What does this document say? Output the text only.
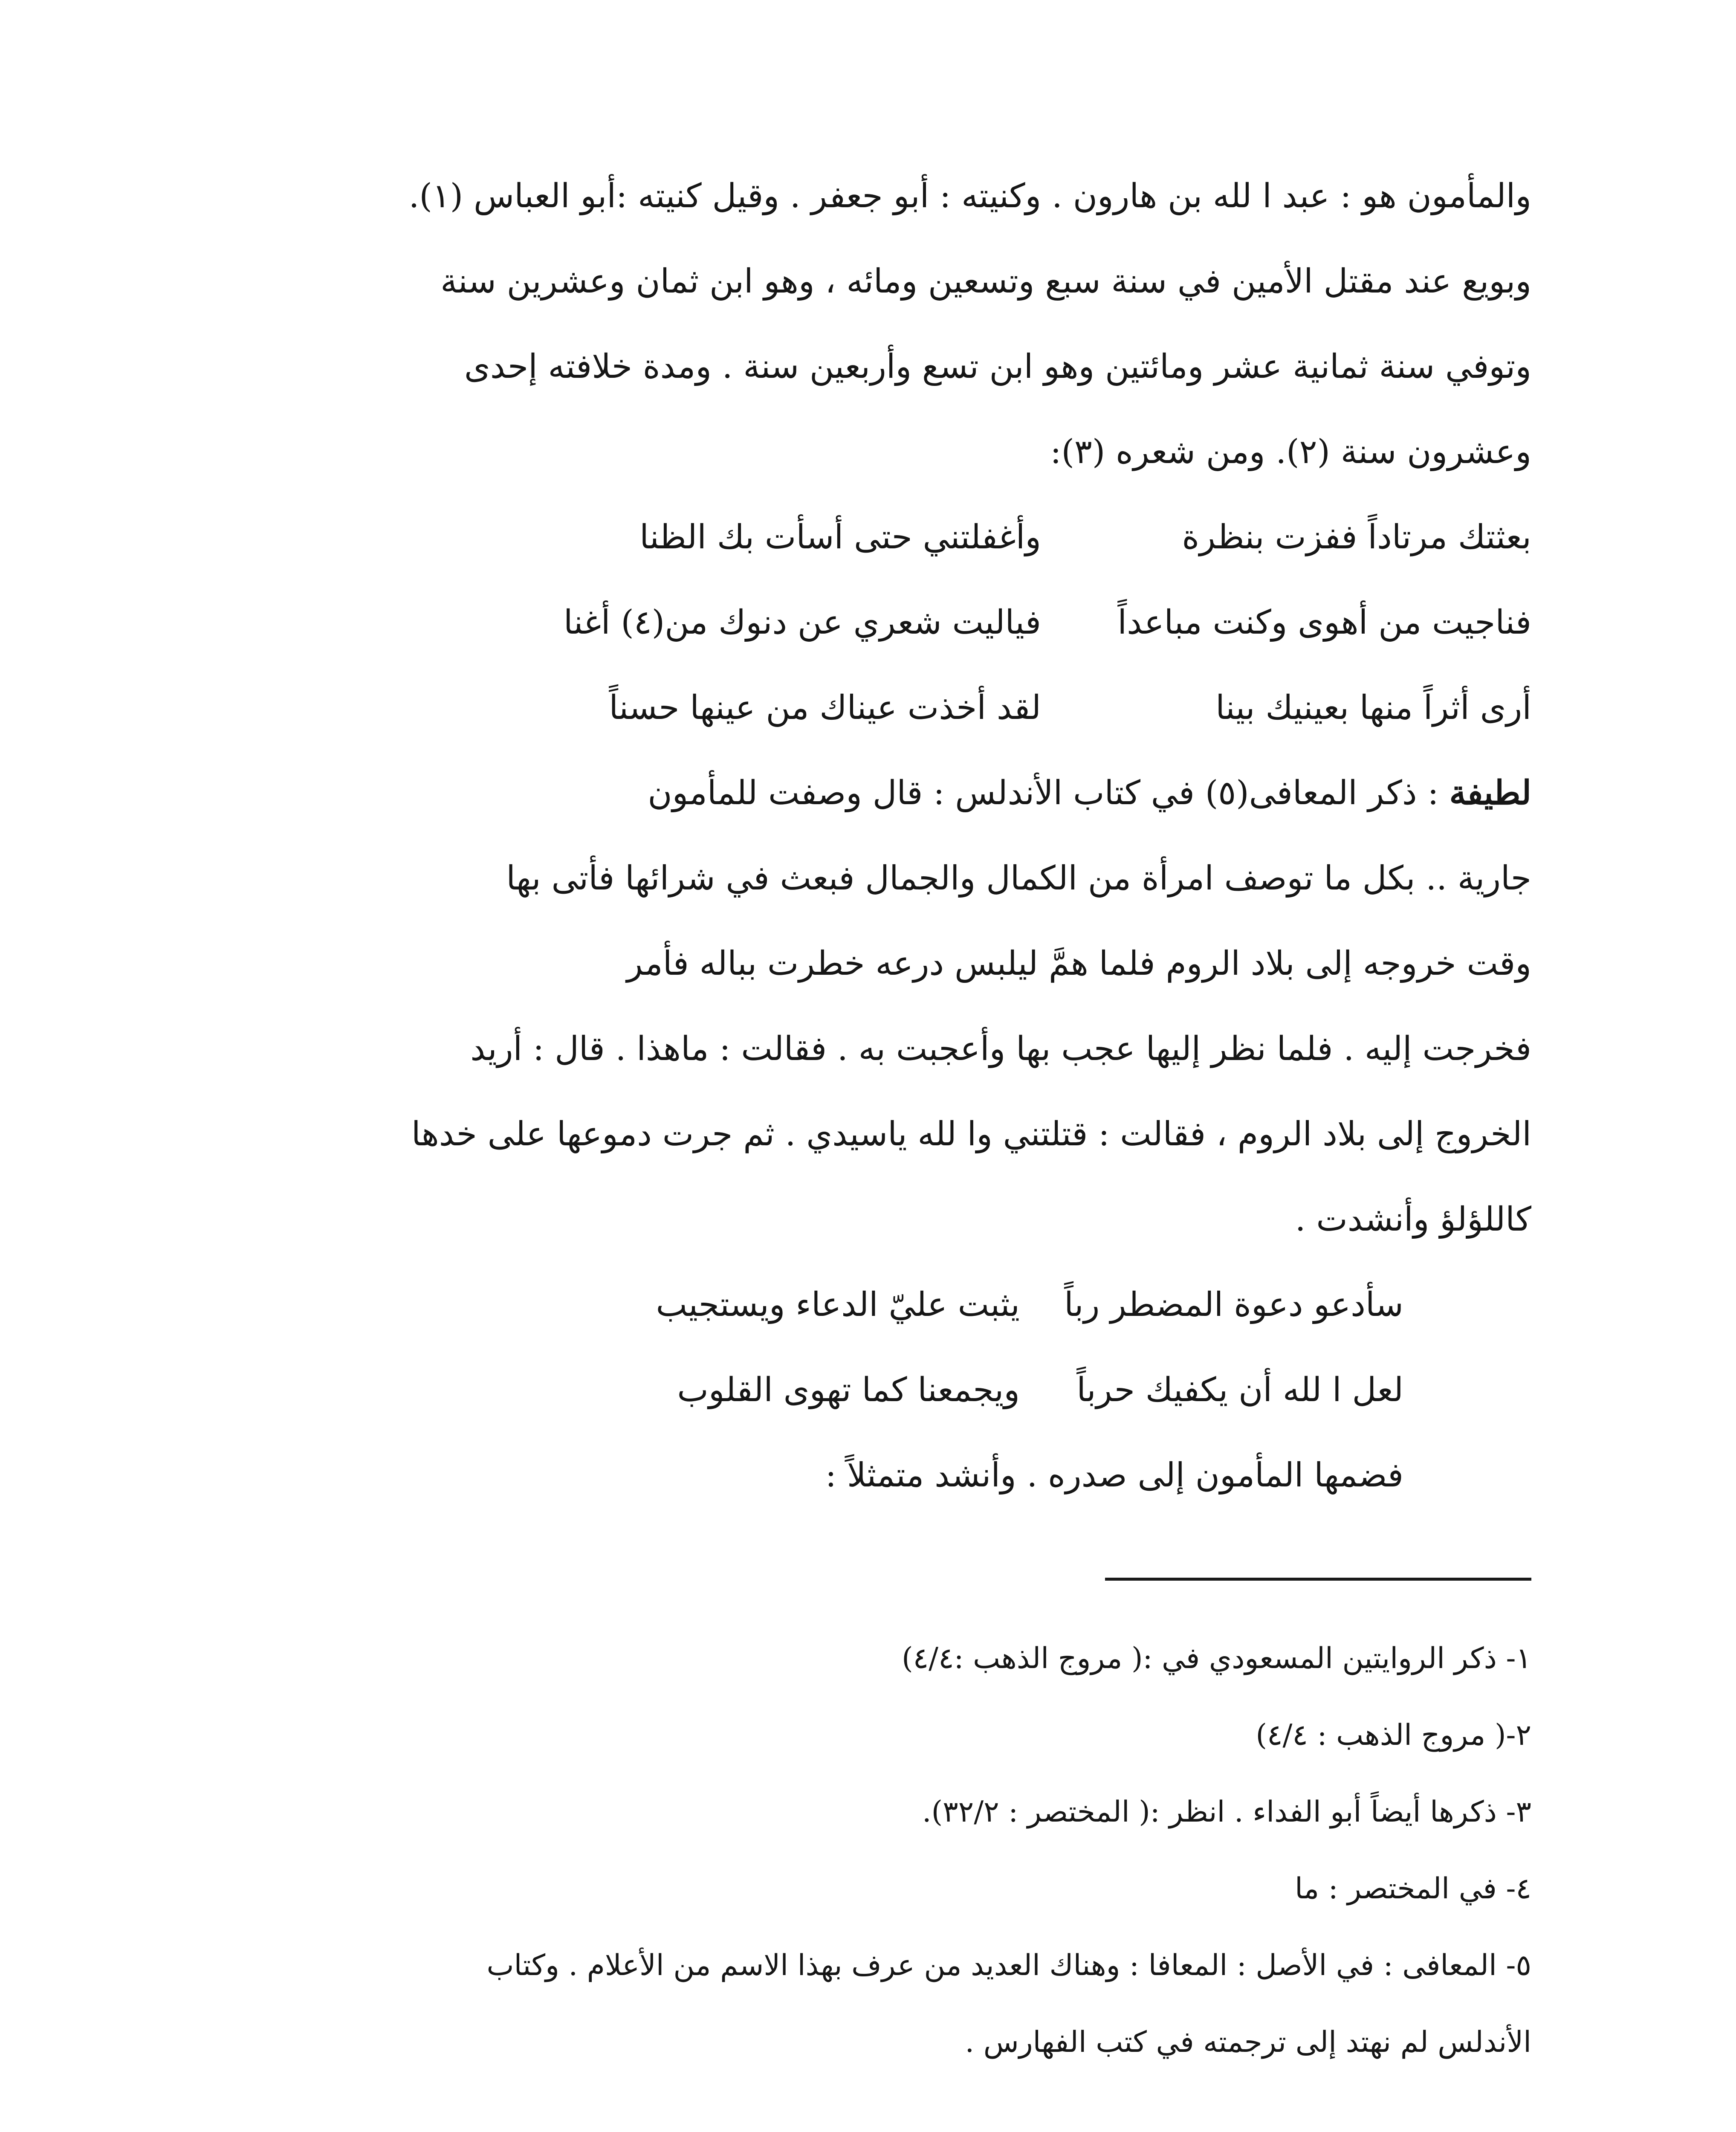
والمأمون هو : عبد ا لله بن هارون . وكنيته : أبو جعفر . وقيل كنيته :أبو العباس (١).

وبويع عند مقتل الأمين في سنة سبع وتسعين ومائه ، وهو ابن ثمان وعشرين سنة

وتوفي سنة ثمانية عشر ومائتين وهو ابن تسع وأربعين سنة . ومدة خلافته إحدى

وعشرون سنة (٢). ومن شعره (٣):

بعثتك مرتاداً ففزت بنظرة
وأغفلتني حتى أسأت بك الظنا
فناجيت من أهوى وكنت مباعداً
فياليت شعري عن دنوك من(٤) أغنا
أرى أثراً منها بعينيك بينا
لقد أخذت عيناك من عينها حسناً

لطيفة : ذكر المعافى(٥) في كتاب الأندلس : قال وصفت للمأمون

جارية .. بكل ما توصف امرأة من الكمال والجمال فبعث في شرائها فأتى بها

وقت خروجه إلى بلاد الروم فلما همَّ ليلبس درعه خطرت بباله فأمر

فخرجت إليه . فلما نظر إليها عجب بها وأعجبت به . فقالت : ماهذا . قال : أريد

الخروج إلى بلاد الروم ، فقالت : قتلتني وا لله ياسيدي . ثم جرت دموعها على خدها

كاللؤلؤ وأنشدت .

سأدعو دعوة المضطر رباً
يثبت عليّ الدعاء ويستجيب
لعل ا لله أن يكفيك حرباً
ويجمعنا كما تهوى القلوب

فضمها المأمون إلى صدره . وأنشد متمثلاً :

١- ذكر الروايتين المسعودي في :( مروج الذهب :٤/٤)

٢-( مروج الذهب : ٤/٤)

٣- ذكرها أيضاً أبو الفداء . انظر :( المختصر : ٣٢/٢).

٤- في المختصر : ما

٥- المعافى : في الأصل : المعافا : وهناك العديد من عرف بهذا الاسم من الأعلام . وكتاب

الأندلس لم نهتد إلى ترجمته في كتب الفهارس .
